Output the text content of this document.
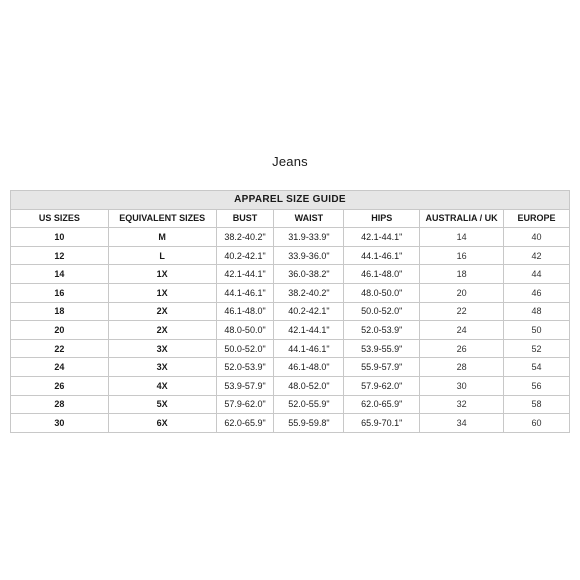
Jeans
APPAREL SIZE GUIDE						
US SIZES	EQUIVALENT SIZES	BUST	WAIST	HIPS	AUSTRALIA / UK	EUROPE
10	M	38.2-40.2"	31.9-33.9"	42.1-44.1"	14	40
12	L	40.2-42.1"	33.9-36.0"	44.1-46.1"	16	42
14	1X	42.1-44.1"	36.0-38.2"	46.1-48.0"	18	44
16	1X	44.1-46.1"	38.2-40.2"	48.0-50.0"	20	46
18	2X	46.1-48.0"	40.2-42.1"	50.0-52.0"	22	48
20	2X	48.0-50.0"	42.1-44.1"	52.0-53.9"	24	50
22	3X	50.0-52.0"	44.1-46.1"	53.9-55.9"	26	52
24	3X	52.0-53.9"	46.1-48.0"	55.9-57.9"	28	54
26	4X	53.9-57.9"	48.0-52.0"	57.9-62.0"	30	56
28	5X	57.9-62.0"	52.0-55.9"	62.0-65.9"	32	58
30	6X	62.0-65.9"	55.9-59.8"	65.9-70.1"	34	60
